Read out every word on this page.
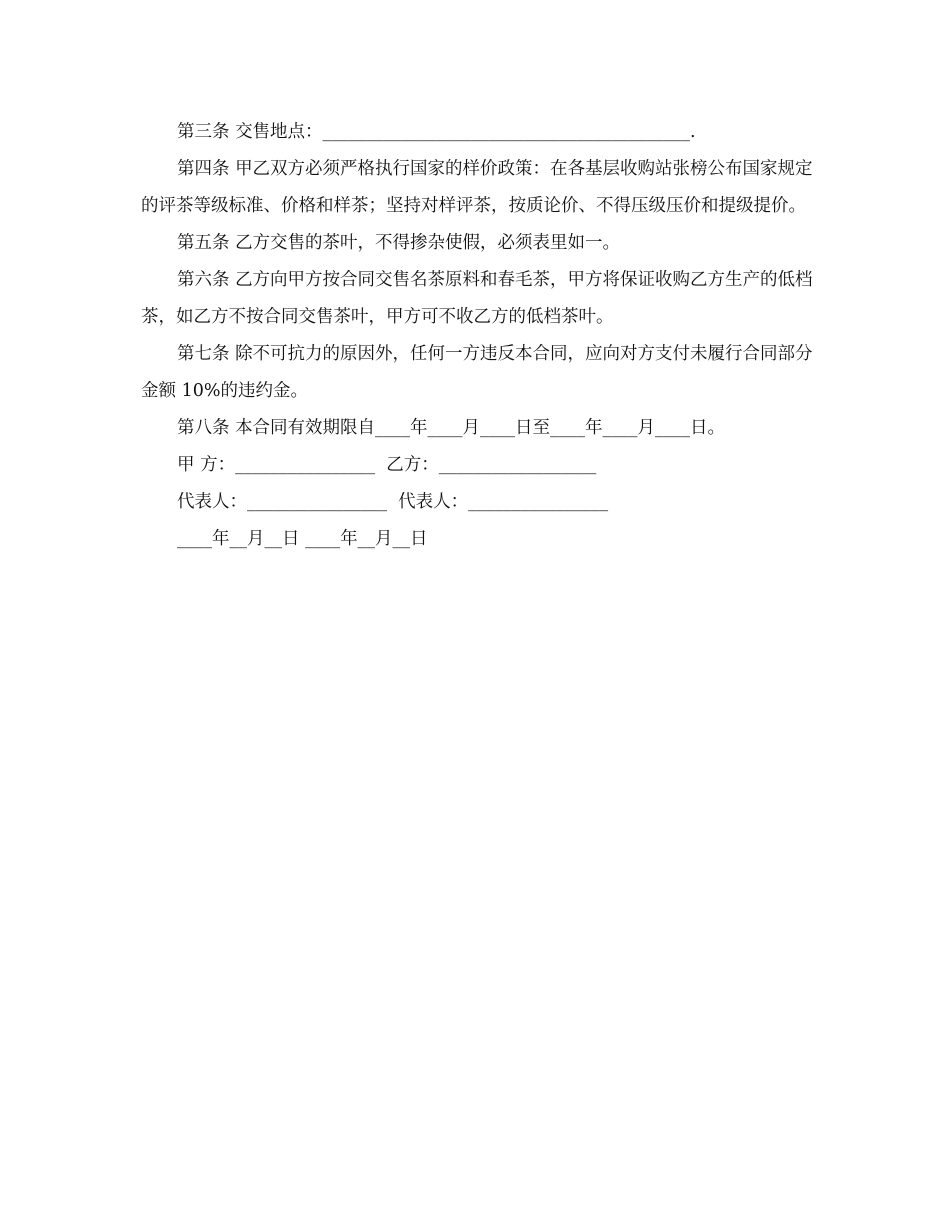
第三条 交售地点：__________________________________________.

第四条 甲乙双方必须严格执行国家的样价政策：在各基层收购站张榜公布国家规定的评茶等级标准、价格和样茶；坚持对样评茶，按质论价、不得压级压价和提级提价。

第五条 乙方交售的茶叶，不得掺杂使假，必须表里如一。

第六条 乙方向甲方按合同交售名茶原料和春毛茶，甲方将保证收购乙方生产的低档茶，如乙方不按合同交售茶叶，甲方可不收乙方的低档茶叶。

第七条 除不可抗力的原因外，任何一方违反本合同，应向对方支付未履行合同部分金额 10%的违约金。

第八条 本合同有效期限自____年____月____日至____年____月____日。

甲 方：________________  乙方：__________________

代表人：________________  代表人：________________

____年__月__日 ____年__月__日
